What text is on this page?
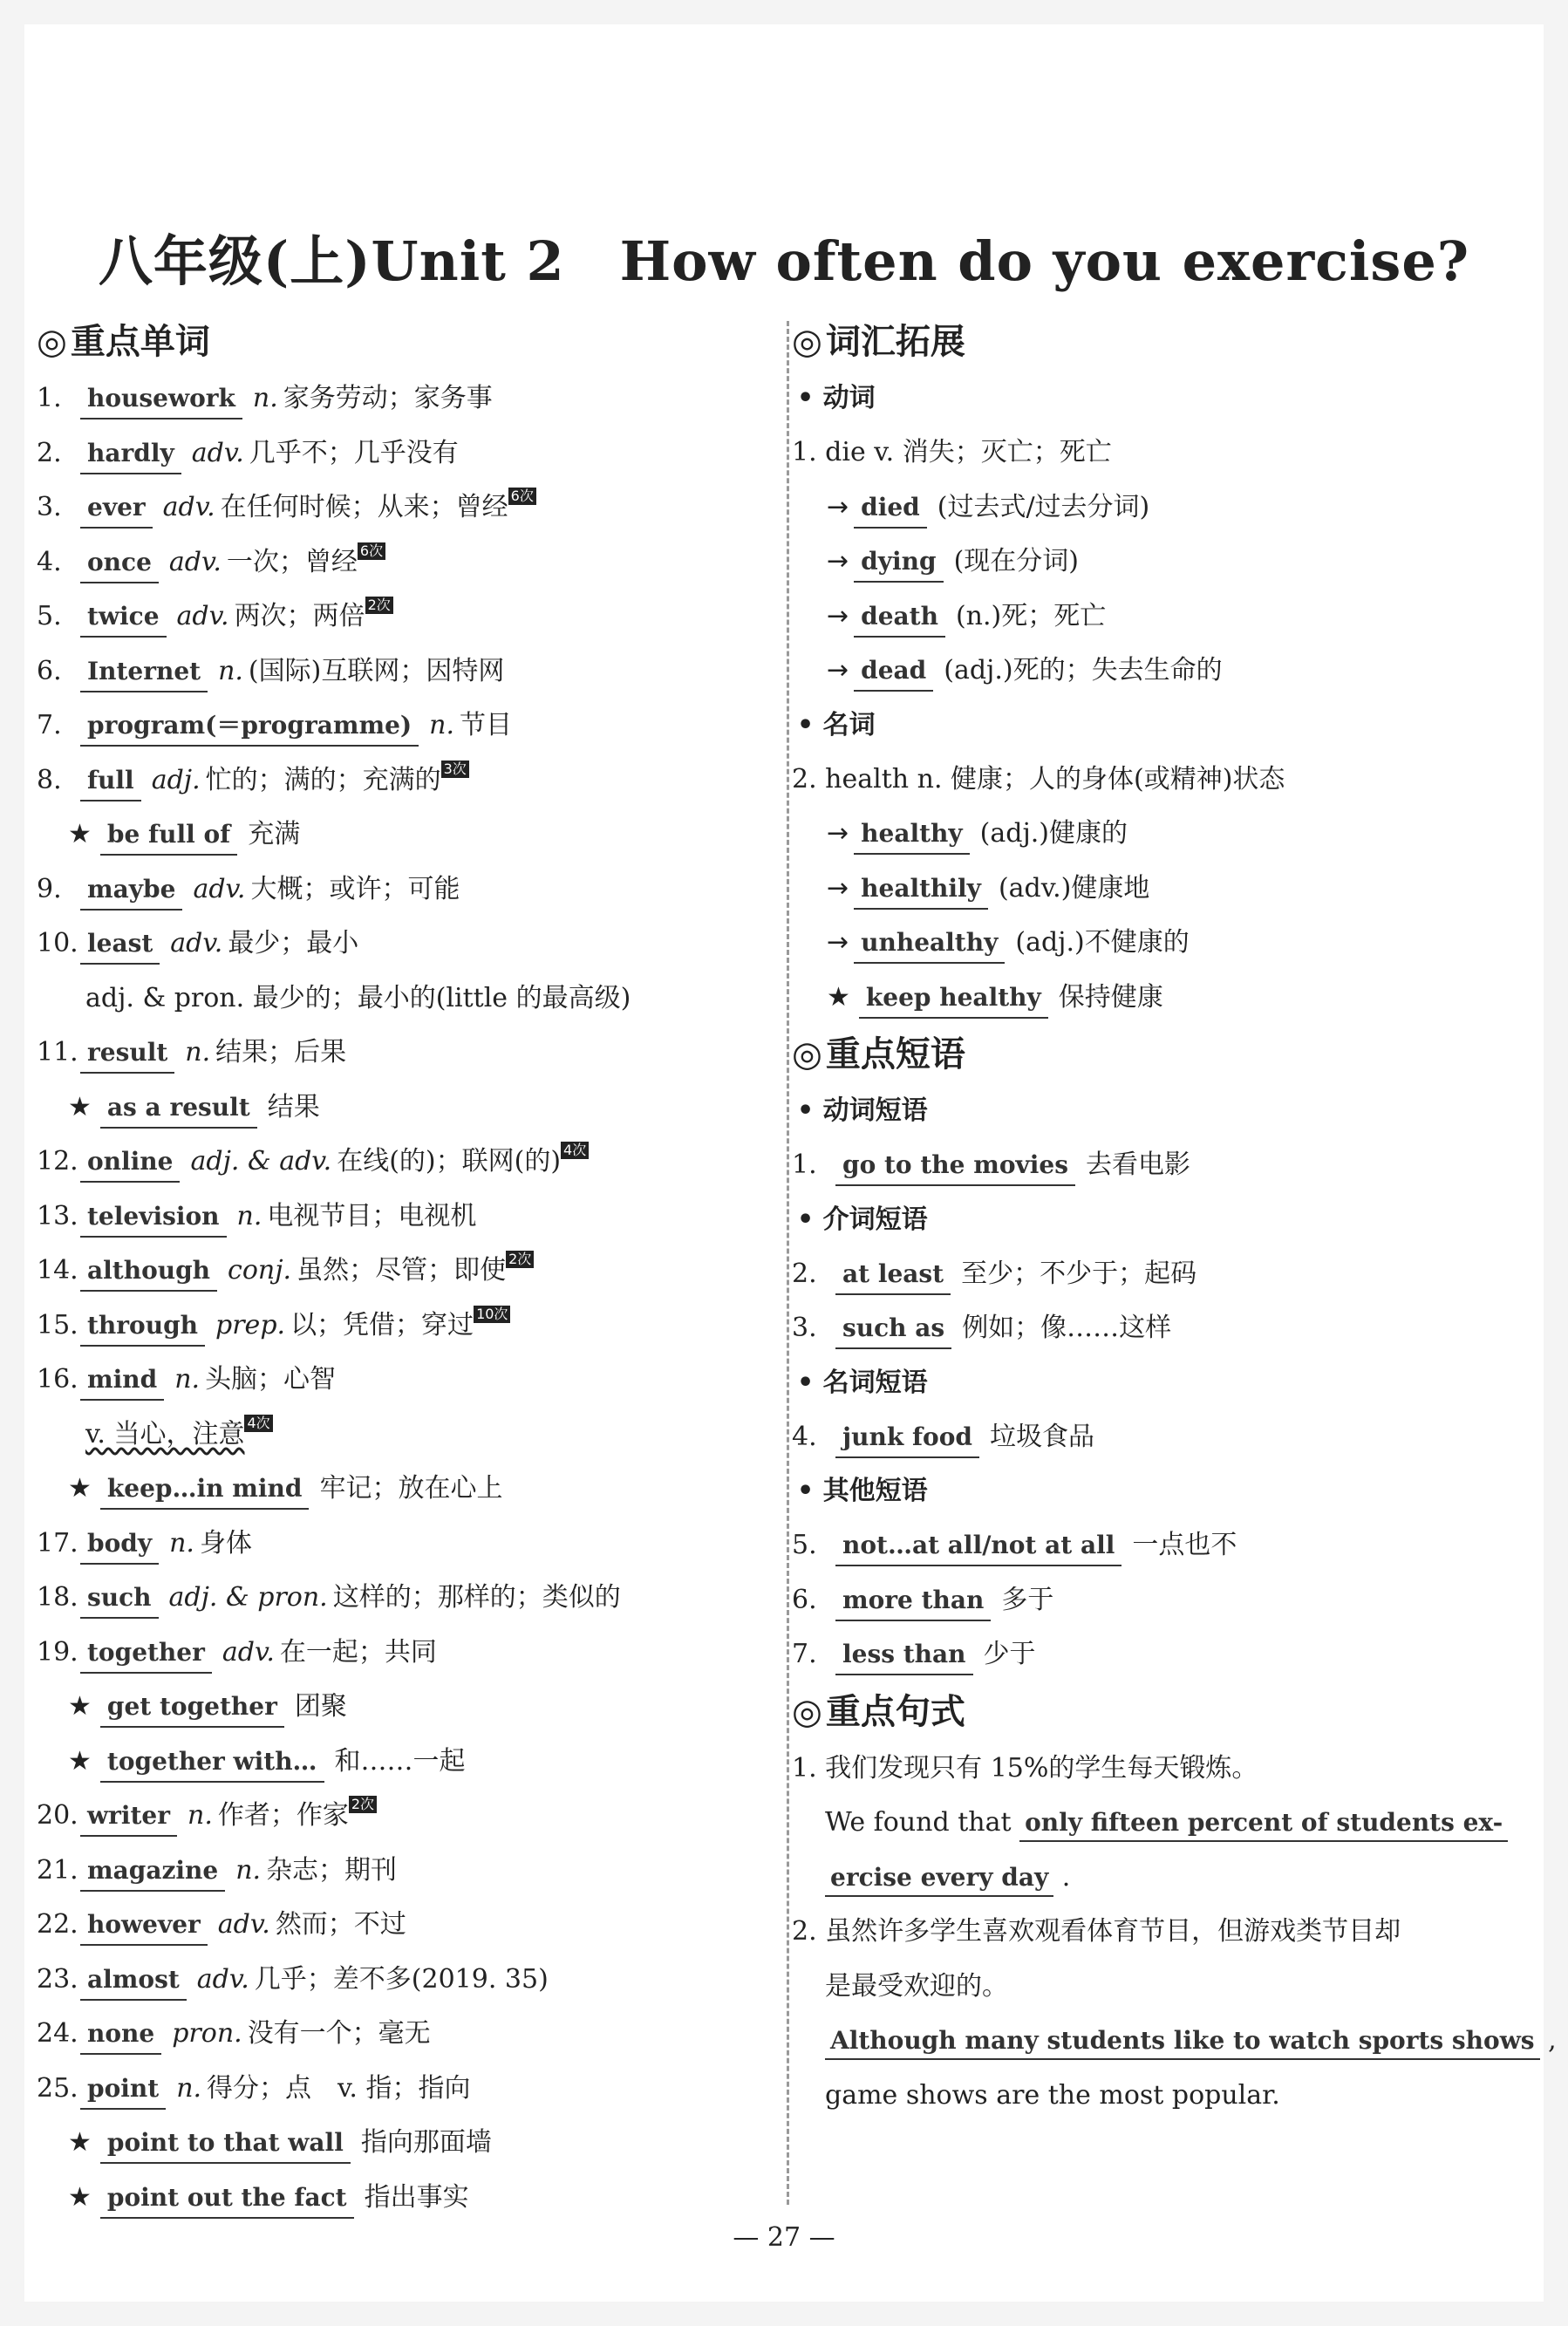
八年级(上)Unit 2　How often do you exercise?
◎ 重点单词
1. housework n. 家务劳动；家务事
2. hardly adv. 几乎不；几乎没有
3. ever adv. 在任何时候；从来；曾经 6次
4. once adv. 一次；曾经 6次
5. twice adv. 两次；两倍 2次
6. Internet n. (国际)互联网；因特网
7. program(＝programme) n. 节目
8. full adj. 忙的；满的；充满的 3次
★ be full of 充满
9. maybe adv. 大概；或许；可能
10. least adv. 最少；最小
adj. & pron. 最少的；最小的(little 的最高级)
11. result n. 结果；后果
★ as a result 结果
12. online adj. & adv. 在线(的)；联网(的) 4次
13. television n. 电视节目；电视机
14. although conj. 虽然；尽管；即使 2次
15. through prep. 以；凭借；穿过 10次
16. mind n. 头脑；心智
v. 当心，注意 4次
★ keep…in mind 牢记；放在心上
17. body n. 身体
18. such adj. & pron. 这样的；那样的；类似的
19. together adv. 在一起；共同
★ get together 团聚
★ together with… 和……一起
20. writer n. 作者；作家 2次
21. magazine n. 杂志；期刊
22. however adv. 然而；不过
23. almost adv. 几乎；差不多(2019. 35)
24. none pron. 没有一个；毫无
25. point n. 得分；点　v. 指；指向
★ point to that wall 指向那面墙
★ point out the fact 指出事实
◎ 词汇拓展
• 动词
1. die v. 消失；灭亡；死亡
→ died (过去式/过去分词)
→ dying (现在分词)
→ death (n.)死；死亡
→ dead (adj.)死的；失去生命的
• 名词
2. health n. 健康；人的身体(或精神)状态
→ healthy (adj.)健康的
→ healthily (adv.)健康地
→ unhealthy (adj.)不健康的
★ keep healthy 保持健康
◎ 重点短语
• 动词短语
1. go to the movies 去看电影
• 介词短语
2. at least 至少；不少于；起码
3. such as 例如；像……这样
• 名词短语
4. junk food 垃圾食品
• 其他短语
5. not…at all/not at all 一点也不
6. more than 多于
7. less than 少于
◎ 重点句式
1. 我们发现只有 15%的学生每天锻炼。
We found that only fifteen percent of students ex-
ercise every day .
2. 虽然许多学生喜欢观看体育节目，但游戏类节目却
是最受欢迎的。
Although many students like to watch sports shows ,
game shows are the most popular.
— 27 —
